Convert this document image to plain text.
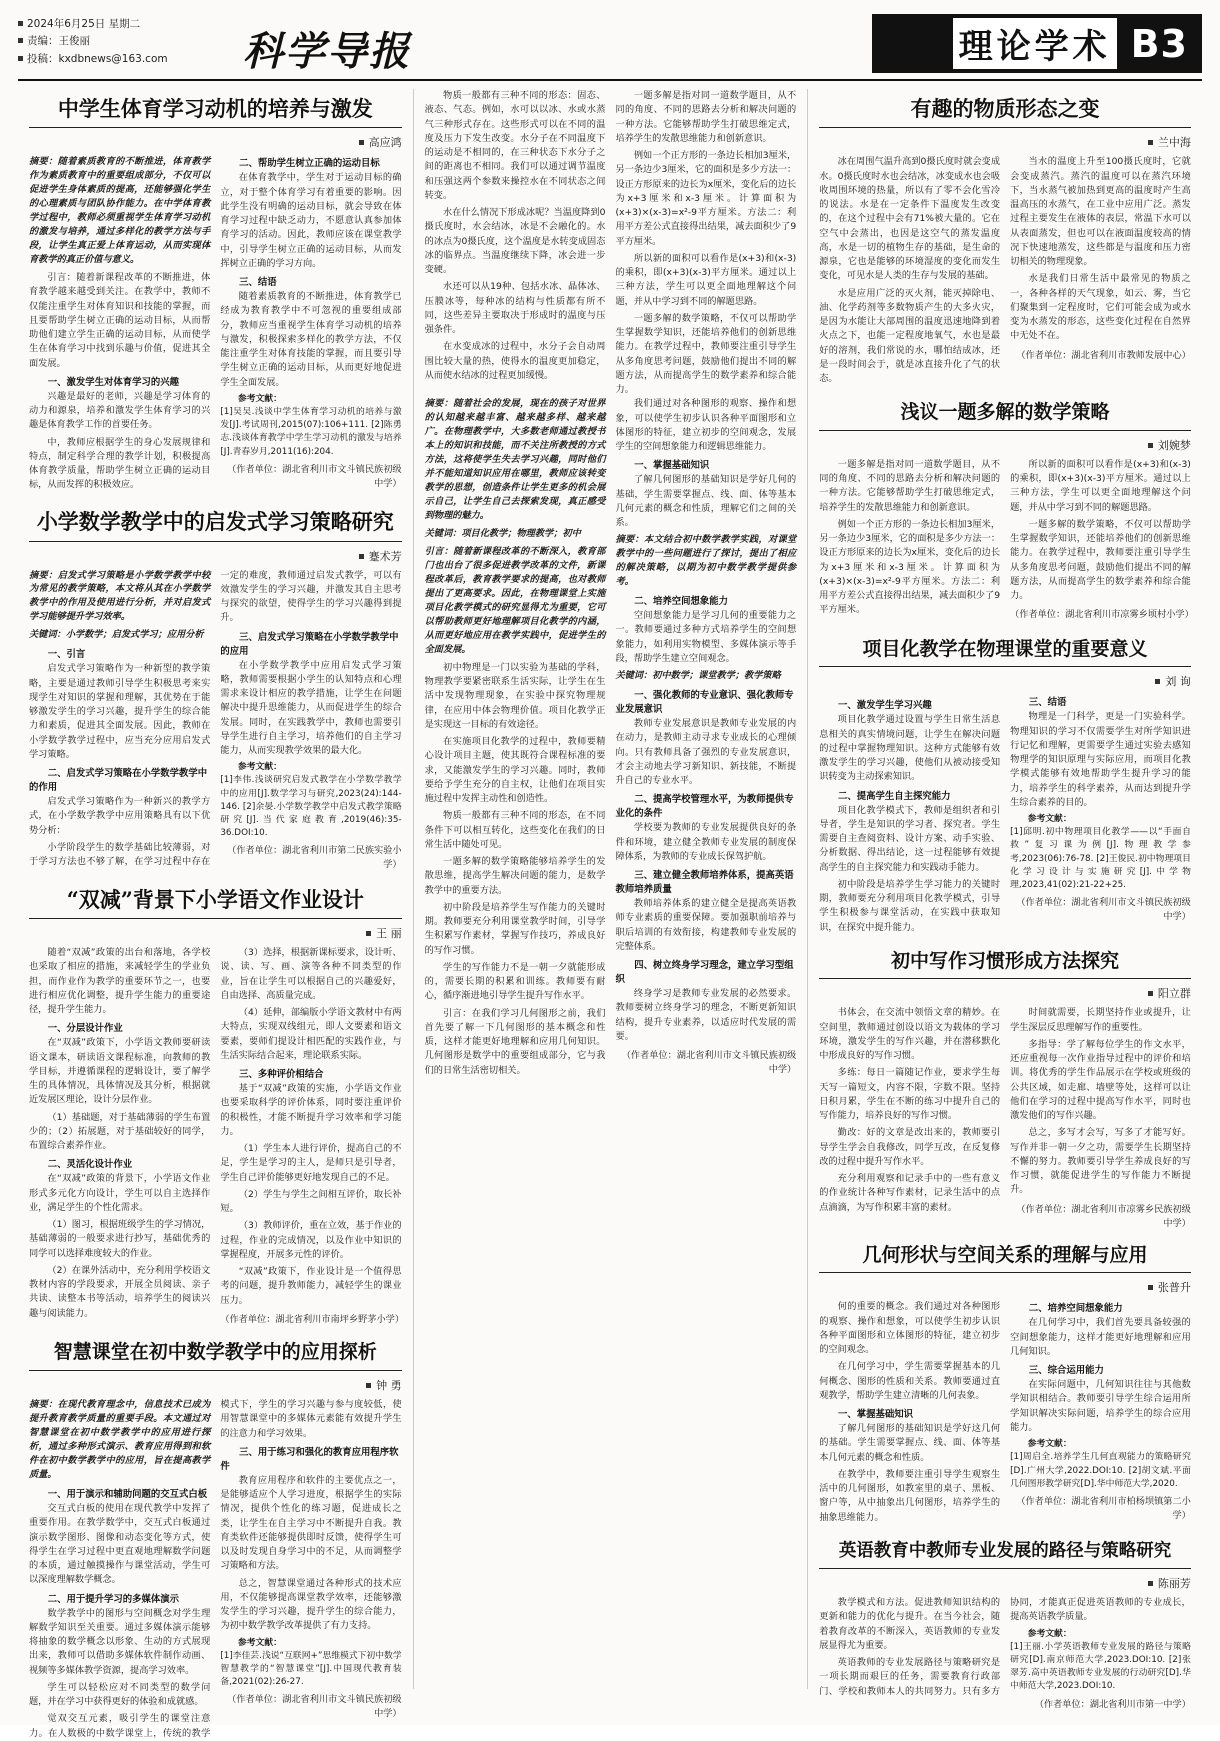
2024年6月25日 星期二
责编：王俊丽
投稿：kxdbnews@163.com	科学导报	理论学术 B3
中学生体育学习动机的培养与激发
高应鸿

摘要：随着素质教育的不断推进，体育教学作为素质教育中的重要组成部分，不仅可以促进学生身体素质的提高，还能够强化学生的心理素质与团队协作能力。在中学体育教学过程中，教师必须重视学生体育学习动机的激发与培养，通过多样化的教学方法与手段，让学生真正爱上体育运动，从而实现体育教学的真正价值与意义。

引言：随着新课程改革的不断推进，体育教学越来越受到关注。在教学中，教师不仅能注重学生对体育知识和技能的掌握，而且要帮助学生树立正确的运动目标，从而帮助他们建立学生正确的运动目标，从而使学生在体育学习中找到乐趣与价值，促进其全面发展。

一、激发学生对体育学习的兴趣

兴趣是最好的老师，兴趣是学习体育的动力和源泉，培养和激发学生体育学习的兴趣是体育教学工作的首要任务。

中，教师应根据学生的身心发展规律和特点，制定科学合理的教学计划，积极提高体育教学质量，帮助学生树立正确的运动目标，从而发挥的积极效应。

二、帮助学生树立正确的运动目标

在体育教学中，学生对于运动目标的确立，对于整个体育学习有着重要的影响。因此学生没有明确的运动目标，就会导致在体育学习过程中缺乏动力，不愿意认真参加体育学习的活动。因此，教师应该在课堂教学中，引导学生树立正确的运动目标，从而发挥树立正确的学习方向。

三、结语

随着素质教育的不断推进，体育教学已经成为教育教学中不可忽视的重要组成部分，教师应当重视学生体育学习动机的培养与激发，积极探索多样化的教学方法，不仅能注重学生对体育技能的掌握，而且要引导学生树立正确的运动目标，从而更好地促进学生全面发展。

参考文献：
[1]吴吴.浅谈中学生体育学习动机的培养与激发[J].考试周刊,2015(07):106+111. [2]陈勇志.浅谈体育教学中学生学习动机的激发与培养[J].青春岁月,2011(16):204.

（作者单位：湖北省利川市文斗镇民族初级中学）

小学数学教学中的启发式学习策略研究
蹇术芳

摘要：启发式学习策略是小学数学教学中较为常见的教学策略，本文将从其在小学数学教学中的作用及使用进行分析，并对启发式学习能够提升学习效率。

关键词：小学数学；启发式学习；应用分析

一、引言

启发式学习策略作为一种新型的教学策略，主要是通过教师引导学生积极思考来实现学生对知识的掌握和理解，其优势在于能够激发学生的学习兴趣，提升学生的综合能力和素质，促进其全面发展。因此，教师在小学数学教学过程中，应当充分应用启发式学习策略。

二、启发式学习策略在小学数学教学中的作用

启发式学习策略作为一种新兴的教学方式，在小学数学教学中应用策略具有以下优势分析：

小学阶段学生的数学基础比较薄弱，对于学习方法也不够了解，在学习过程中存在一定的难度，教师通过启发式教学，可以有效激发学生的学习兴趣，并激发其自主思考与探究的欲望，使得学生的学习兴趣得到提升。

三、启发式学习策略在小学数学教学中的应用

在小学数学教学中应用启发式学习策略，教师需要根据小学生的认知特点和心理需求来设计相应的教学措施，让学生在问题解决中提升思维能力，从而促进学生的综合发展。同时，在实践教学中，教师也需要引导学生进行自主学习，培养他们的自主学习能力，从而实现教学效果的最大化。

参考文献：
[1]李伟.浅谈研究启发式教学在小学数学教学中的应用[J].数学学习与研究,2023(24):144-146. [2]余晏.小学数学教学中启发式教学策略研究[J].当代家庭教育,2019(46):35-36.DOI:10.

（作者单位：湖北省利川市第二民族实验小学）

“双减”背景下小学语文作业设计
王 丽

随着“双减”政策的出台和落地，各学校也采取了相应的措施，来减轻学生的学业负担，而作业作为教学的重要环节之一，也要进行相应优化调整，提升学生能力的重要途径，提升学生能力。

一、分层设计作业

在“双减”政策下，小学语文教师要研读语文课本，研读语文课程标准，向教师的教学目标，并遵循课程的逻辑设计，要了解学生的具体情况，具体情况及其分析，根据就近发展区理论，设计分层作业。

（1）基础题，对于基础薄弱的学生布置少的；（2）拓展题，对于基础较好的同学，布置综合素养作业。

二、灵活化设计作业

在“双减”政策的背景下，小学语文作业形式多元化方向设计，学生可以自主选择作业，满足学生的个性化需求。

（1）图习，根据班级学生的学习情况，基础薄弱的一般要求进行抄写，基础优秀的同学可以选择难度较大的作业。

（2）在课外活动中，充分利用学校语文教材内容的学段要求，开展全员阅读、亲子共读、读整本书等活动，培养学生的阅读兴趣与阅读能力。

（3）选择，根据新课标要求，设计听、说、读、写、画、演等各种不同类型的作业，旨在让学生可以根据自己的兴趣爱好，自由选择、高质量完成。

（4）延伸，部编版小学语文教材中有两大特点，实现双线组元，即人文要素和语文要素，要师们提设计相匹配的实践作业，与生活实际结合起来，理论联系实际。

三、多种评价相结合

基于“双减”政策的实施，小学语文作业也要采取科学的评价体系，同时要注重评价的积极性，才能不断提升学习效率和学习能力。

（1）学生本人进行评价，提高自己的不足，学生是学习的主人，是师只是引导者，学生自己评价能够更好地发现自己的不足。

（2）学生与学生之间相互评价，取长补短。

（3）教师评价，重在立效，基于作业的过程，作业的完成情况，以及作业中知识的掌握程度，开展多元性的评价。

“双减”政策下，作业设计是一个值得思考的问题，提升教师能力，减轻学生的课业压力。

（作者单位：湖北省利川市南坪乡野茅小学）

智慧课堂在初中数学教学中的应用探析
钟 勇

摘要：在现代教育理念中，信息技术已成为提升教育教学质量的重要手段。本文通过对智慧课堂在初中数学教学中的应用进行探析，通过多种形式演示、教育应用得到和软件在初中数学教学中的应用，旨在提高教学质量。

一、用于演示和辅助问题的交互式白板

交互式白板的使用在现代教学中发挥了重要作用。在教学数学中，交互式白板通过演示数学图形、图像和动态变化等方式，使得学生在学习过程中更直观地理解数学问题的本质，通过触摸操作与课堂活动，学生可以深度理解数学概念。

二、用于提升学习的多媒体演示

数学教学中的图形与空间概念对学生理解数学知识至关重要。通过多媒体演示能够将抽象的数学概念以形象、生动的方式展现出来，教师可以借助多媒体软件制作动画、视频等多媒体教学资源，提高学习效率。

学生可以轻松应对不同类型的数学问题，并在学习中获得更好的体验和成就感。

觉双交互元素，吸引学生的课堂注意力。在人数极的中数学课堂上，传统的教学模式下，学生的学习兴趣与参与度较低，使用智慧课堂中的多媒体元素能有效提升学生的注意力和学习效果。

三、用于练习和强化的教育应用程序软件

教育应用程序和软件的主要优点之一，是能够适应个人学习进度，根据学生的实际情况，提供个性化的练习题，促进成长之类，让学生在自主学习中不断提升自我。教育类软件还能够提供即时反馈，使得学生可以及时发现自身学习中的不足，从而调整学习策略和方法。

总之，智慧课堂通过各种形式的技术应用，不仅能够提高课堂教学效率，还能够激发学生的学习兴趣，提升学生的综合能力，为初中数学教学改革提供了有力支持。

参考文献：
[1]李佳芸.浅说“互联网+”思维模式下初中数学智慧教学的“智慧课堂”[J].中国现代教育装备,2021(02):26-27.

（作者单位：湖北省利川市文斗镇民族初级中学）

物质一般都有三种不同的形态：固态、液态、气态。例如，水可以以冰、水或水蒸气三种形式存在。这些形式可以在不同的温度及压力下发生改变。水分子在不同温度下的运动是不相同的，在三种状态下水分子之间的距离也不相同。我们可以通过调节温度和压强这两个参数来操控水在不同状态之间转变。

水在什么情况下形成冰呢？当温度降到0摄氏度时，水会结冰，冰是不会融化的。水的冰点为0摄氏度，这个温度是水转变成固态冰的临界点。当温度继续下降，冰会进一步变硬。

水还可以从19种、包括水冰、晶体冰、压膜冰等，每种冰的结构与性质都有所不同，这些差异主要取决于形成时的温度与压强条件。

在水变成冰的过程中，水分子会自动周围比较大量的热，使得水的温度更加稳定，从而使水结冰的过程更加缓慢。

一题多解是指对同一道数学题目，从不同的角度、不同的思路去分析和解决问题的一种方法。它能够帮助学生打破思维定式，培养学生的发散思维能力和创新意识。

例如一个正方形的一条边长相加3厘米，另一条边少3厘米，它的面积是多少方法一：设正方形原来的边长为x厘米，变化后的边长为x+3厘米和x-3厘米。计算面积为(x+3)×(x-3)=x²-9平方厘米。方法二：利用平方差公式直接得出结果，减去面积少了9平方厘米。

所以新的面积可以看作是(x+3)和(x-3)的乘积，即(x+3)(x-3)平方厘米。通过以上三种方法，学生可以更全面地理解这个问题，并从中学习到不同的解题思路。

一题多解的数学策略，不仅可以帮助学生掌握数学知识，还能培养他们的创新思维能力。在教学过程中，教师要注重引导学生从多角度思考问题，鼓励他们提出不同的解题方法，从而提高学生的数学素养和综合能力。

摘要：随着社会的发展，现在的孩子对世界的认知越来越丰富、越来越多样、越来越广。在物理教学中，大多数老师通过教授书本上的知识和技能，而不关注所教授的方式方法，这将使学生失去学习兴趣，同时他们并不能知道知识应用在哪里，教师应该转变教学的思想，创造条件让学生更多的机会展示自己，让学生自己去探索发现，真正感受到物理的魅力。

关键词：项目化教学；物理教学；初中

引言：随着新课程改革的不断深入，教育部门也出台了很多促进教学改革的文件，新课程改革后，教育教学要求的提高，也对教师提出了更高要求。因此，在物理课堂上实施项目化教学模式的研究显得尤为重要，它可以帮助教师更好地理解项目化教学的内涵，从而更好地应用在教学实践中，促进学生的全面发展。

初中物理是一门以实验为基础的学科，物理教学要紧密联系生活实际，让学生在生活中发现物理现象，在实验中探究物理规律，在应用中体会物理价值。项目化教学正是实现这一目标的有效途径。

在实施项目化教学的过程中，教师要精心设计项目主题，使其既符合课程标准的要求，又能激发学生的学习兴趣。同时，教师要给予学生充分的自主权，让他们在项目实施过程中发挥主动性和创造性。

物质一般都有三种不同的形态，在不同条件下可以相互转化，这些变化在我们的日常生活中随处可见。

一题多解的数学策略能够培养学生的发散思维，提高学生解决问题的能力，是数学教学中的重要方法。

初中阶段是培养学生写作能力的关键时期。教师要充分利用课堂教学时间，引导学生积累写作素材，掌握写作技巧，养成良好的写作习惯。

学生的写作能力不是一朝一夕就能形成的，需要长期的积累和训练。教师要有耐心，循序渐进地引导学生提升写作水平。

引言：在我们学习几何图形之前，我们首先要了解一下几何图形的基本概念和性质，这样才能更好地理解和应用几何知识。几何图形是数学中的重要组成部分，它与我们的日常生活密切相关。

我们通过对各种图形的观察、操作和想象，可以使学生初步认识各种平面图形和立体图形的特征，建立初步的空间观念，发展学生的空间想象能力和逻辑思维能力。

一、掌握基础知识

了解几何图形的基础知识是学好几何的基础，学生需要掌握点、线、面、体等基本几何元素的概念和性质，理解它们之间的关系。

摘要：本文结合初中数学教学实践，对课堂教学中的一些问题进行了探讨，提出了相应的解决策略，以期为初中数学教学提供参考。

二、培养空间想象能力

空间想象能力是学习几何的重要能力之一。教师要通过多种方式培养学生的空间想象能力，如利用实物模型、多媒体演示等手段，帮助学生建立空间观念。

关键词：初中数学；课堂教学；教学策略

一、强化教师的专业意识、强化教师专业发展意识

教师专业发展意识是教师专业发展的内在动力，是教师主动寻求专业成长的心理倾向。只有教师具备了强烈的专业发展意识，才会主动地去学习新知识、新技能，不断提升自己的专业水平。

二、提高学校管理水平，为教师提供专业化的条件

学校要为教师的专业发展提供良好的条件和环境，建立健全教师专业发展的制度保障体系，为教师的专业成长保驾护航。

三、建立健全教师培养体系，提高英语教师培养质量

教师培养体系的建立健全是提高英语教师专业素质的重要保障。要加强职前培养与职后培训的有效衔接，构建教师专业发展的完整体系。

四、树立终身学习理念，建立学习型组织

终身学习是教师专业发展的必然要求。教师要树立终身学习的理念，不断更新知识结构，提升专业素养，以适应时代发展的需要。

（作者单位：湖北省利川市文斗镇民族初级中学）

有趣的物质形态之变
兰中海

冰在周围气温升高到0摄氏度时就会变成水。0摄氏度时水也会结冰，冰变成水也会吸收周围环境的热量，所以有了零不会化雪冷的说法。水是在一定条件下温度发生改变的，在这个过程中会有71%被大量的。它在空气中会蒸出，也因是这空气的蒸发温度高，水是一切的植物生存的基础，是生命的源泉，它也是能够的环境湿度的变化而发生变化，可见水是人类的生存与发展的基础。

水是应用广泛的灭火剂，能灭掉除电、油、化学药剂等多数物质产生的大多火灾，是因为水能让大部周围的温度迅速地降到着火点之下，也能一定程度地氧气，水也是最好的溶剂，我们常说的水，哪怕结成冰，还是一段时间会于，就是冰直接升化了气的状态。

当水的温度上升至100摄氏度时，它就会变成蒸汽。蒸汽的温度可以在蒸汽环境下，当水蒸气被加热到更高的温度时产生高温高压的水蒸气，在工业中应用广泛。蒸发过程主要发生在液体的表层，常温下水可以从表面蒸发，但也可以在液面温度较高的情况下快速地蒸发，这些都是与温度和压力密切相关的物理现象。

水是我们日常生活中最常见的物质之一，各种各样的天气现象，如云、雾，当它们聚集到一定程度时，它们可能会成为或水变为水蒸发的形态，这些变化过程在自然界中无处不在。

（作者单位：湖北省利川市教师发展中心）

浅议一题多解的数学策略
刘婉梦

一题多解是指对同一道数学题目，从不同的角度、不同的思路去分析和解决问题的一种方法。它能够帮助学生打破思维定式，培养学生的发散思维能力和创新意识。

例如一个正方形的一条边长相加3厘米，另一条边少3厘米，它的面积是多少方法一：设正方形原来的边长为x厘米，变化后的边长为x+3厘米和x-3厘米。计算面积为(x+3)×(x-3)=x²-9平方厘米。方法二：利用平方差公式直接得出结果，减去面积少了9平方厘米。

所以新的面积可以看作是(x+3)和(x-3)的乘积，即(x+3)(x-3)平方厘米。通过以上三种方法，学生可以更全面地理解这个问题，并从中学习到不同的解题思路。

一题多解的数学策略，不仅可以帮助学生掌握数学知识，还能培养他们的创新思维能力。在教学过程中，教师要注重引导学生从多角度思考问题，鼓励他们提出不同的解题方法，从而提高学生的数学素养和综合能力。

（作者单位：湖北省利川市凉雾乡顷村小学）

项目化教学在物理课堂的重要意义
刘 询

一、激发学生学习兴趣

项目化教学通过设置与学生日常生活息息相关的真实情境问题，让学生在解决问题的过程中掌握物理知识。这种方式能够有效激发学生的学习兴趣，使他们从被动接受知识转变为主动探索知识。

二、提高学生自主探究能力

项目化教学模式下，教师是组织者和引导者，学生是知识的学习者、探究者。学生需要自主查阅资料、设计方案、动手实验、分析数据、得出结论，这一过程能够有效提高学生的自主探究能力和实践动手能力。

初中阶段是培养学生学习能力的关键时期，教师要充分利用项目化教学模式，引导学生积极参与课堂活动，在实践中获取知识，在探究中提升能力。

三、结语

物理是一门科学，更是一门实验科学。物理知识的学习不仅需要学生对所学知识进行记忆和理解，更需要学生通过实验去感知物理学的知识原理与实际应用，而项目化教学模式能够有效地帮助学生提升学习的能力，培养学生的科学素养，从而达到提升学生综合素养的目的。

参考文献：
[1]邱明.初中物理项目化教学——以“手面自救”复习课为例[J].物理教学参考,2023(06):76-78. [2]王俊民.初中物理项目化学习设计与实施研究[J].中学物理,2023,41(02):21-22+25.

（作者单位：湖北省利川市文斗镇民族初级中学）

初中写作习惯形成方法探究
阳立群

书体会，在交流中领悟文章的精妙。在空间里，教师通过创设以语文为载体的学习环境，激发学生的写作兴趣，并在潜移默化中形成良好的写作习惯。

多练：每日一篇随记作业，要求学生每天写一篇短文，内容不限，字数不限。坚持日积月累，学生在不断的练习中提升自己的写作能力，培养良好的写作习惯。

勤改：好的文章是改出来的，教师要引导学生学会自我修改，同学互改，在反复修改的过程中提升写作水平。

充分利用观察和记录手中的一些有意义的作业统计各种写作素材，记录生活中的点点滴滴，为写作积累丰富的素材。

时间就需要，长期坚持作业或提升，让学生深层反思理解写作的重要性。

多指导：学了解每位学生的作文水平，还应重视每一次作业指导过程中的评价和培训。将优秀的学生作品展示在学校或班级的公共区域，如走廊、墙壁等处，这样可以让他们在学习的过程中提高写作水平，同时也激发他们的写作兴趣。

总之，多写才会写，写多了才能写好。写作并非一朝一夕之功，需要学生长期坚持不懈的努力。教师要引导学生养成良好的写作习惯，就能促进学生的写作能力不断提升。

（作者单位：湖北省利川市凉雾乡民族初级中学）

几何形状与空间关系的理解与应用
张普升

何的重要的概念。我们通过对各种图形的观察、操作和想象，可以使学生初步认识各种平面图形和立体图形的特征，建立初步的空间观念。

在几何学习中，学生需要掌握基本的几何概念、图形的性质和关系。教师要通过直观教学，帮助学生建立清晰的几何表象。

一、掌握基础知识

了解几何图形的基础知识是学好这几何的基础。学生需要掌握点、线、面、体等基本几何元素的概念和性质。

在教学中，教师要注重引导学生观察生活中的几何图形，如教室里的桌子、黑板、窗户等，从中抽象出几何图形，培养学生的抽象思维能力。

二、培养空间想象能力

在几何学习中，我们首先要具备较强的空间想象能力，这样才能更好地理解和应用几何知识。

三、综合运用能力

在实际问题中，几何知识往往与其他数学知识相结合。教师要引导学生综合运用所学知识解决实际问题，培养学生的综合应用能力。

参考文献：
[1]周启全.培养学生几何直观能力的策略研究[D].广州大学,2022.DOI:10. [2]胡文斌.平面几何图形教学研究[D].华中师范大学,2020.

（作者单位：湖北省利川市柏杨坝镇第二小学）

英语教育中教师专业发展的路径与策略研究
陈丽芳

教学模式和方法。促进教师知识结构的更新和能力的优化与提升。在当今社会，随着教育改革的不断深入，英语教师的专业发展显得尤为重要。

英语教师的专业发展路径与策略研究是一项长期而艰巨的任务，需要教育行政部门、学校和教师本人的共同努力。只有多方协同，才能真正促进英语教师的专业成长，提高英语教学质量。

参考文献：
[1]王丽.小学英语教师专业发展的路径与策略研究[D].南京师范大学,2023.DOI:10. [2]张翠芳.高中英语教师专业发展的行动研究[D].华中师范大学,2023.DOI:10.

（作者单位：湖北省利川市第一中学）
